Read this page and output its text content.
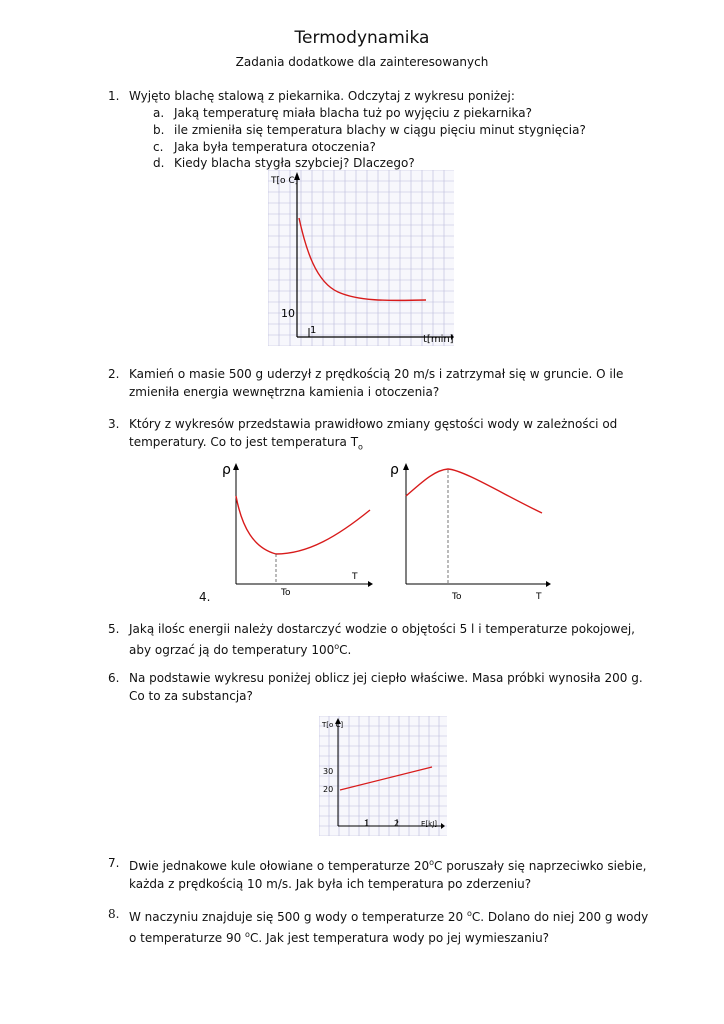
Termodynamika
Zadania dodatkowe dla zainteresowanych
1. Wyjęto blachę stalową z piekarnika. Odczytaj z wykresu poniżej:
a. Jaką temperaturę miała blacha tuż po wyjęciu z piekarnika?
b. ile zmieniła się temperatura blachy w ciągu pięciu minut stygnięcia?
c. Jaka była temperatura otoczenia?
d. Kiedy blacha stygła szybciej? Dlaczego?
T[o C]
10
1
t[min]
2. Kamień o masie 500 g uderzył z prędkością 20 m/s i zatrzymał się w gruncie. O ile zmieniła energia wewnętrzna kamienia i otoczenia?
3. Który z wykresów przedstawia prawidłowo zmiany gęstości wody w zależności od temperatury. Co to jest temperatura $T_o$
ρ
To
T
ρ
To	T
4.
5. Jaką ilośc energii należy dostarczyć wodzie o objętości 5 l i temperaturze pokojowej, aby ogrzać ją do temperatury 100$^o$C.
6. Na podstawie wykresu poniżej oblicz jej ciepło właściwe. Masa próbki wynosiła 200 g. Co to za substancja?
T[o C]
30
20
1	2	E[kJ]
7. Dwie jednakowe kule ołowiane o temperaturze 20$^o$C poruszały się naprzeciwko siebie, każda z prędkością 10 m/s. Jak była ich temperatura po zderzeniu?
8. W naczyniu znajduje się 500 g wody o temperaturze 20 $^o$C. Dolano do niej 200 g wody o temperaturze 90 $^o$C. Jak jest temperatura wody po jej wymieszaniu?
